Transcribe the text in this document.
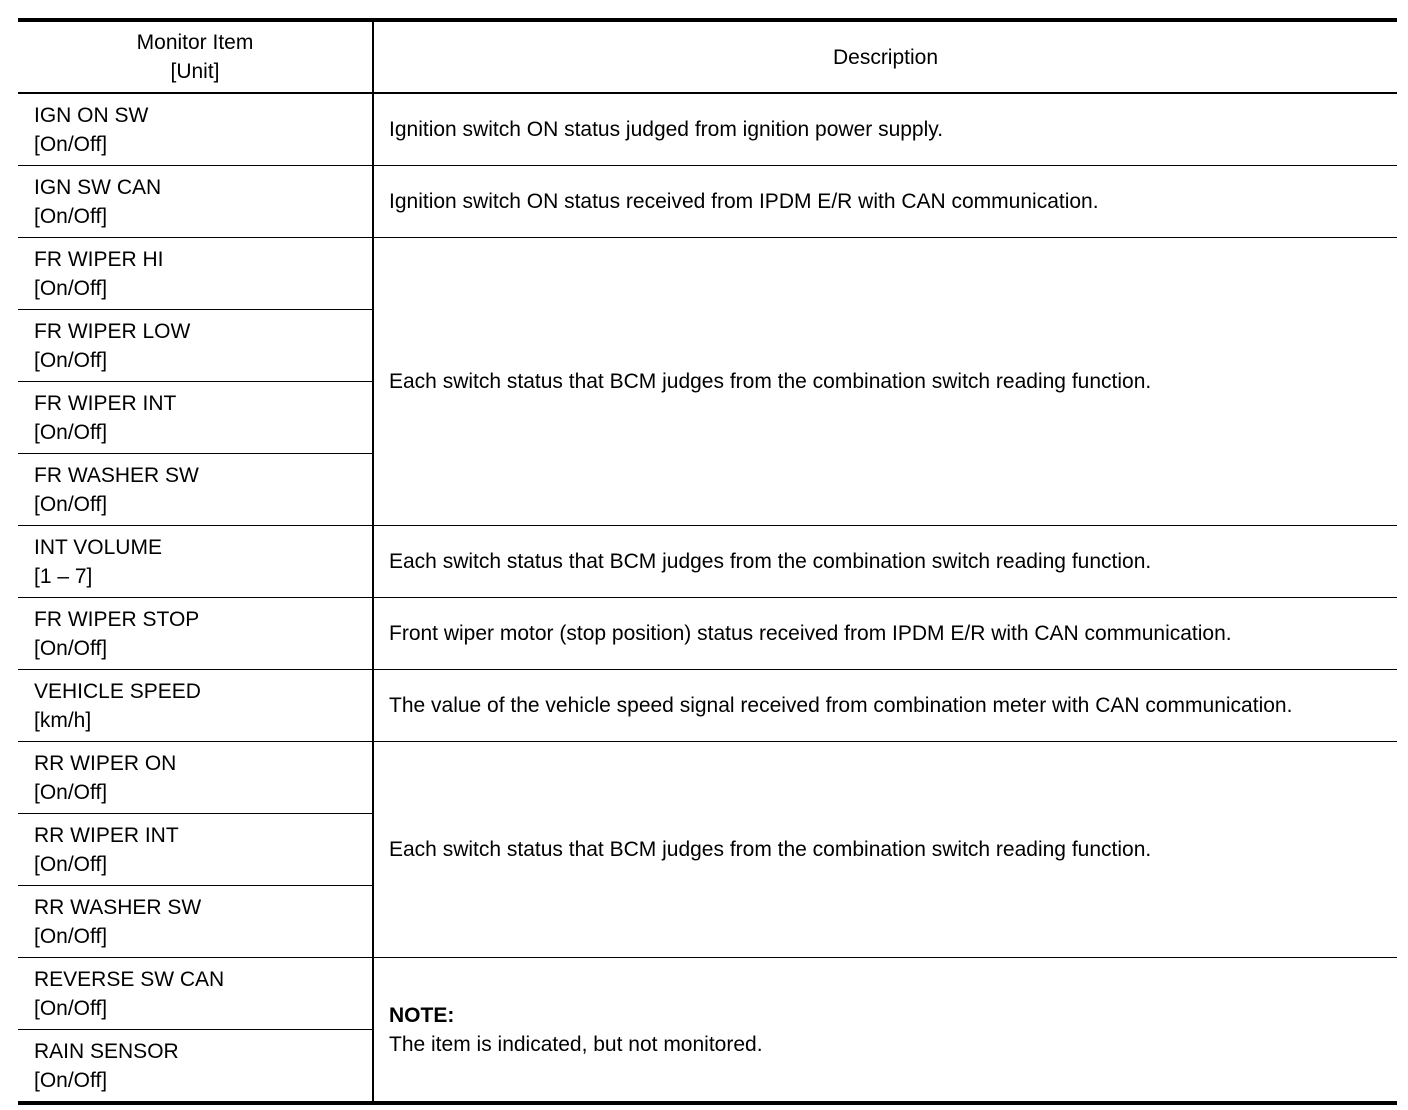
Monitor Item
[Unit]	Description

IGN ON SW
[On/Off]	Ignition switch ON status judged from ignition power supply.

IGN SW CAN
[On/Off]	Ignition switch ON status received from IPDM E/R with CAN communication.

FR WIPER HI
[On/Off]	Each switch status that BCM judges from the combination switch reading function.

FR WIPER LOW
[On/Off]	

FR WIPER INT
[On/Off]	

FR WASHER SW
[On/Off]	

INT VOLUME
[1 – 7]	Each switch status that BCM judges from the combination switch reading function.

FR WIPER STOP
[On/Off]	Front wiper motor (stop position) status received from IPDM E/R with CAN communication.

VEHICLE SPEED
[km/h]	The value of the vehicle speed signal received from combination meter with CAN communication.

RR WIPER ON
[On/Off]	Each switch status that BCM judges from the combination switch reading function.

RR WIPER INT
[On/Off]	

RR WASHER SW
[On/Off]	

REVERSE SW CAN
[On/Off]	NOTE:
The item is indicated, but not monitored.

RAIN SENSOR
[On/Off]	
